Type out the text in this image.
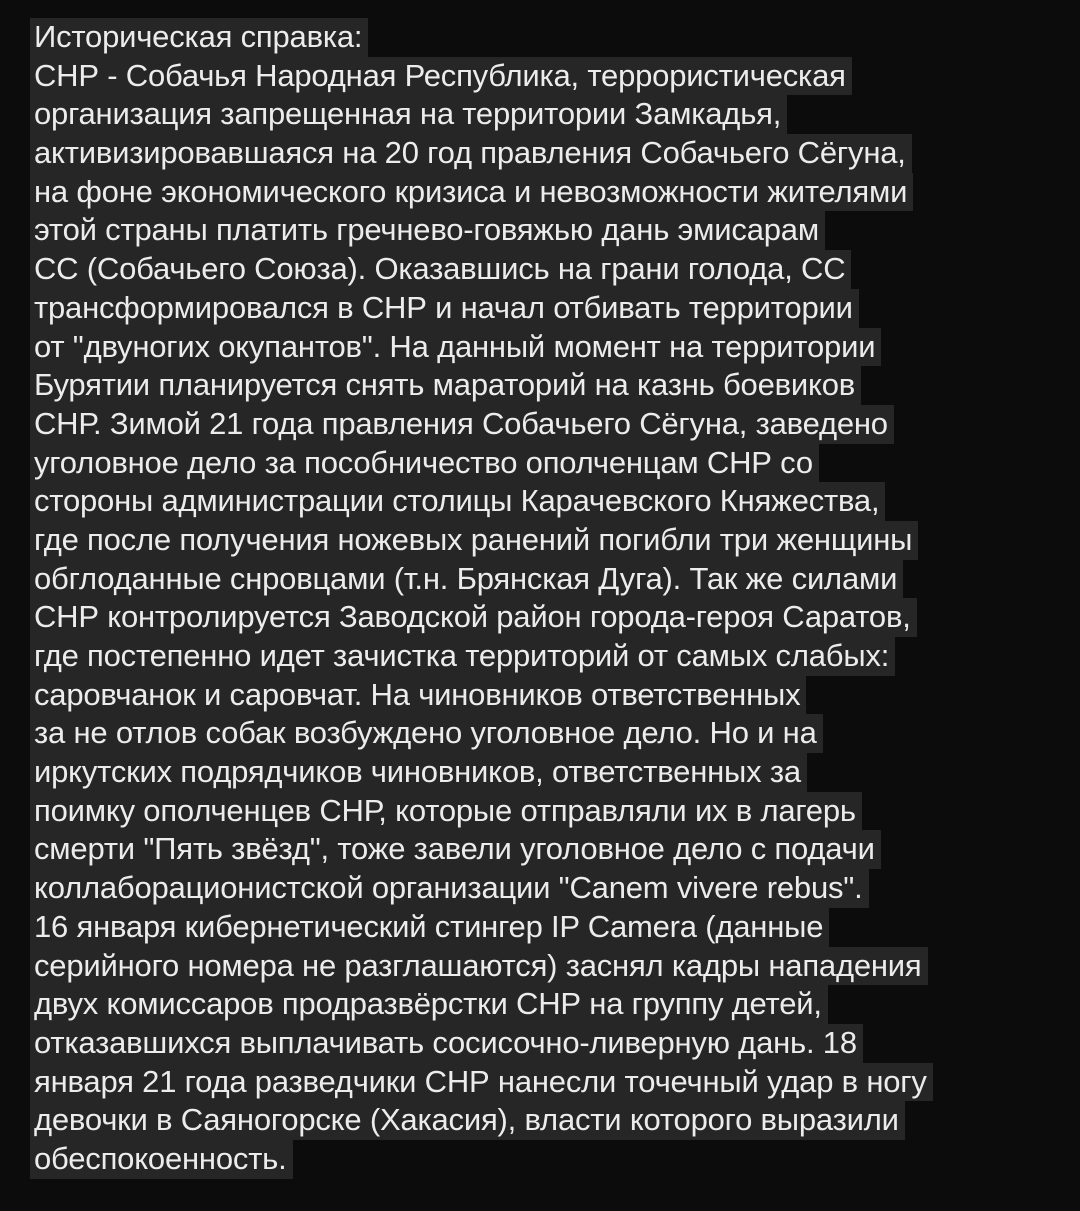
Историческая справка:
СНР - Собачья Народная Республика, террористическая
организация запрещенная на территории Замкадья,
активизировавшаяся на 20 год правления Собачьего Сёгуна,
на фоне экономического кризиса и невозможности жителями
этой страны платить гречнево-говяжью дань эмисарам
СС (Собачьего Союза). Оказавшись на грани голода, СС
трансформировался в СНР и начал отбивать территории
от "двуногих окупантов". На данный момент на территории
Бурятии планируется снять мараторий на казнь боевиков
СНР. Зимой 21 года правления Собачьего Сёгуна, заведено
уголовное дело за пособничество ополченцам СНР со
стороны администрации столицы Карачевского Княжества,
где после получения ножевых ранений погибли три женщины
обглоданные снровцами (т.н. Брянская Дуга). Так же силами
СНР контролируется Заводской район города-героя Саратов,
где постепенно идет зачистка территорий от самых слабых:
саровчанок и саровчат. На чиновников ответственных
за не отлов собак возбуждено уголовное дело. Но и на
иркутских подрядчиков чиновников, ответственных за
поимку ополченцев СНР, которые отправляли их в лагерь
смерти "Пять звёзд", тоже завели уголовное дело с подачи
коллаборационистской организации "Canem vivere rebus".
16 января кибернетический стингер IP Camera (данные
серийного номера не разглашаются) заснял кадры нападения
двух комиссаров продразвёрстки СНР на группу детей,
отказавшихся выплачивать сосисочно-ливерную дань. 18
января 21 года разведчики СНР нанесли точечный удар в ногу
девочки в Саяногорске (Хакасия), власти которого выразили
обеспокоенность.
